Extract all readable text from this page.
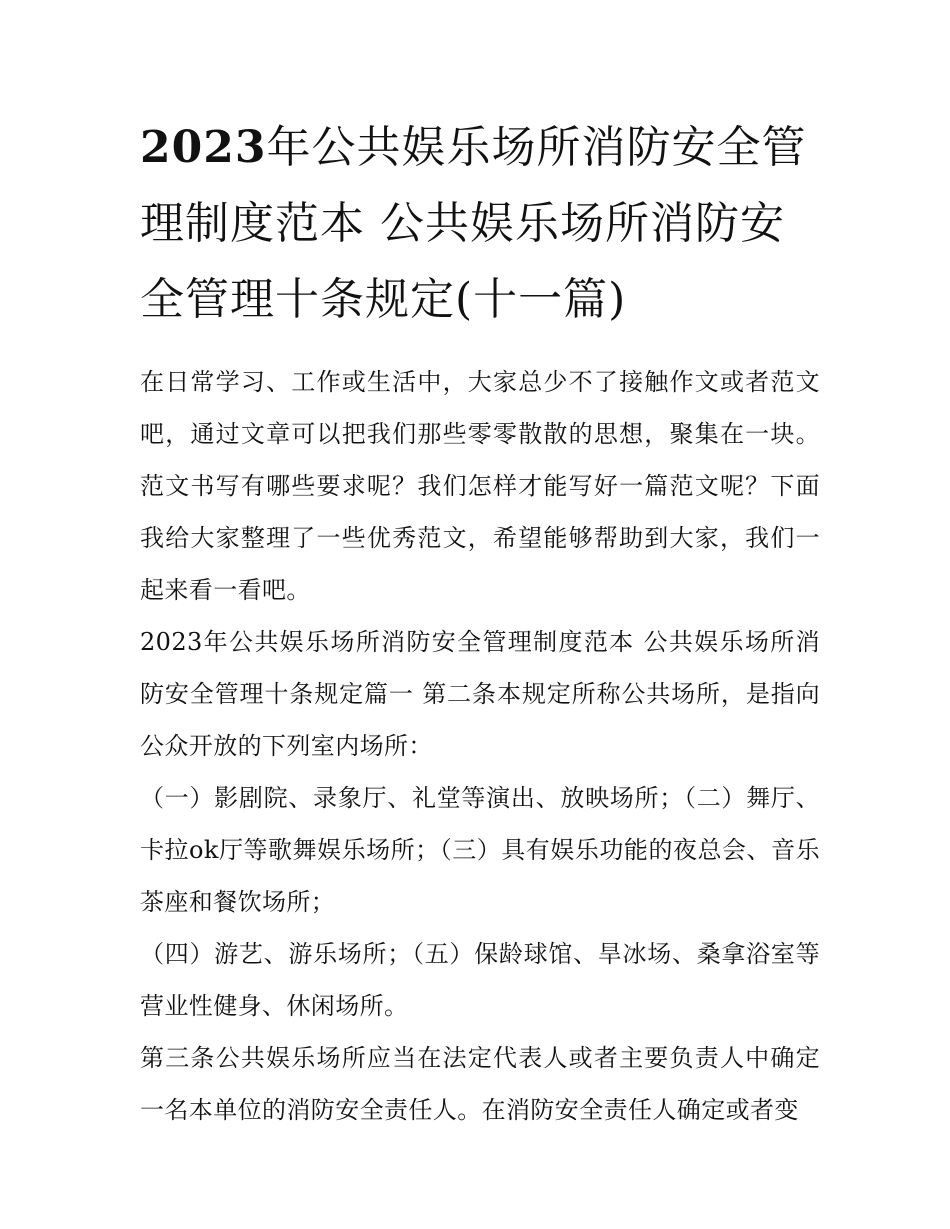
2023年公共娱乐场所消防安全管理制度范本 公共娱乐场所消防安全管理十条规定(十一篇)

在日常学习、工作或生活中，大家总少不了接触作文或者范文吧，通过文章可以把我们那些零零散散的思想，聚集在一块。范文书写有哪些要求呢？我们怎样才能写好一篇范文呢？下面我给大家整理了一些优秀范文，希望能够帮助到大家，我们一起来看一看吧。

2023年公共娱乐场所消防安全管理制度范本 公共娱乐场所消防安全管理十条规定篇一 第二条本规定所称公共场所，是指向公众开放的下列室内场所：

（一）影剧院、录象厅、礼堂等演出、放映场所；（二）舞厅、卡拉ok厅等歌舞娱乐场所；（三）具有娱乐功能的夜总会、音乐茶座和餐饮场所；

（四）游艺、游乐场所；（五）保龄球馆、旱冰场、桑拿浴室等营业性健身、休闲场所。

第三条公共娱乐场所应当在法定代表人或者主要负责人中确定一名本单位的消防安全责任人。在消防安全责任人确定或者变
